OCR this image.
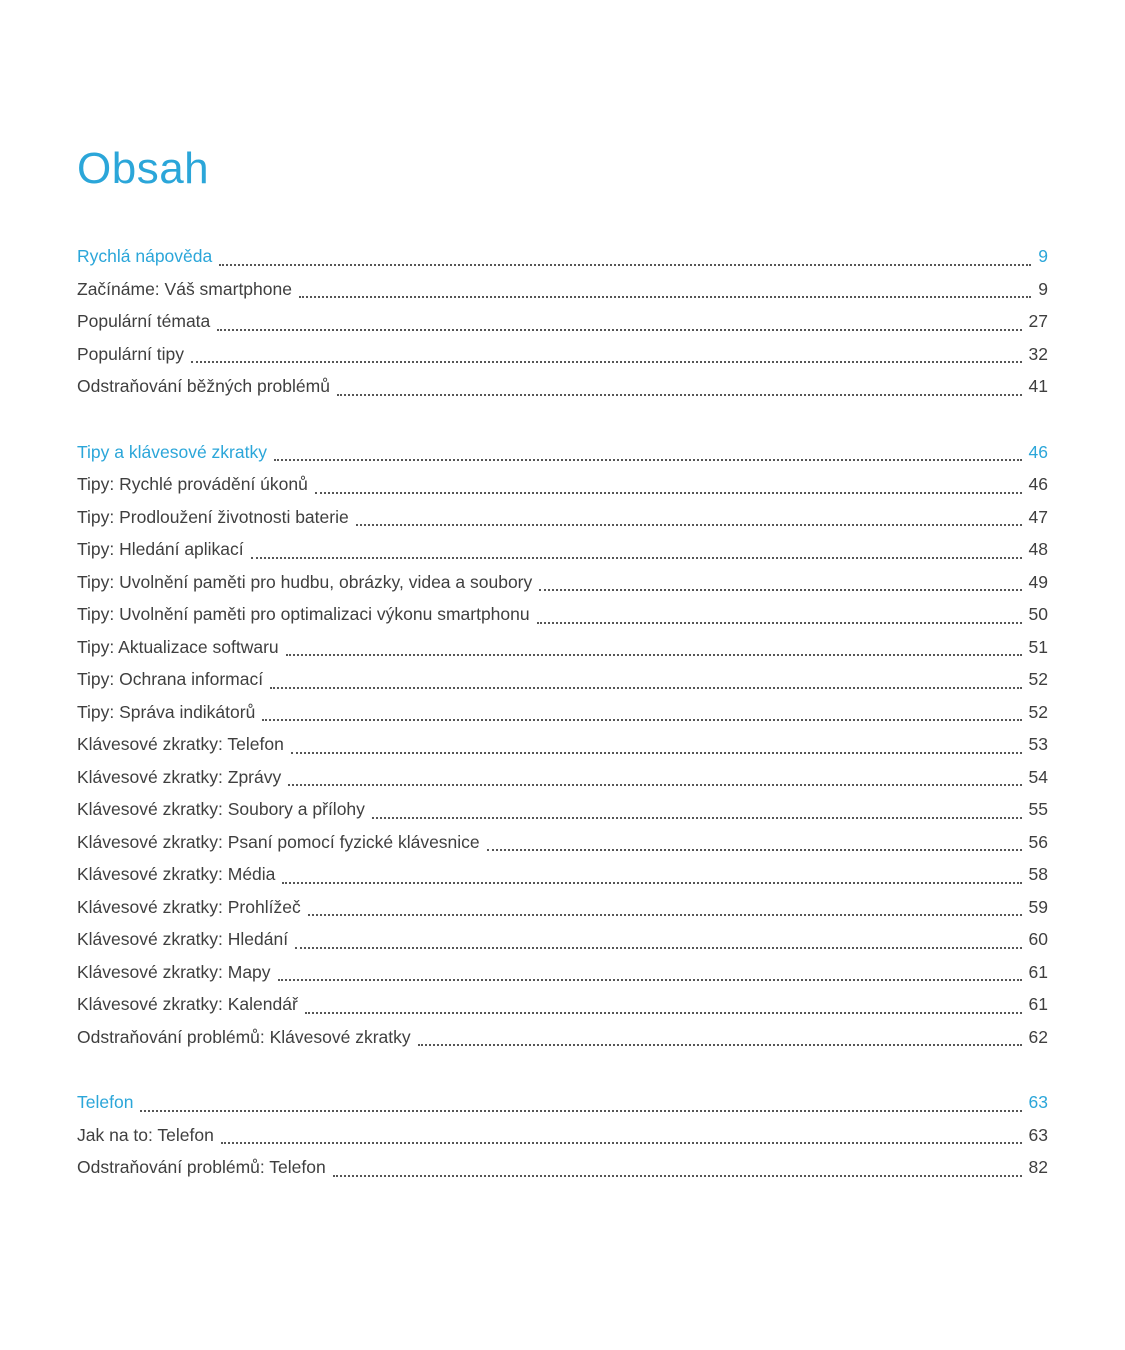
Obsah
Rychlá nápověda	9
Začínáme: Váš smartphone	9
Populární témata	27
Populární tipy	32
Odstraňování běžných problémů	41
Tipy a klávesové zkratky	46
Tipy: Rychlé provádění úkonů	46
Tipy: Prodloužení životnosti baterie	47
Tipy: Hledání aplikací	48
Tipy: Uvolnění paměti pro hudbu, obrázky, videa a soubory	49
Tipy: Uvolnění paměti pro optimalizaci výkonu smartphonu	50
Tipy: Aktualizace softwaru	51
Tipy: Ochrana informací	52
Tipy: Správa indikátorů	52
Klávesové zkratky: Telefon	53
Klávesové zkratky: Zprávy	54
Klávesové zkratky: Soubory a přílohy	55
Klávesové zkratky: Psaní pomocí fyzické klávesnice	56
Klávesové zkratky: Média	58
Klávesové zkratky: Prohlížeč	59
Klávesové zkratky: Hledání	60
Klávesové zkratky: Mapy	61
Klávesové zkratky: Kalendář	61
Odstraňování problémů: Klávesové zkratky	62
Telefon	63
Jak na to: Telefon	63
Odstraňování problémů: Telefon	82
